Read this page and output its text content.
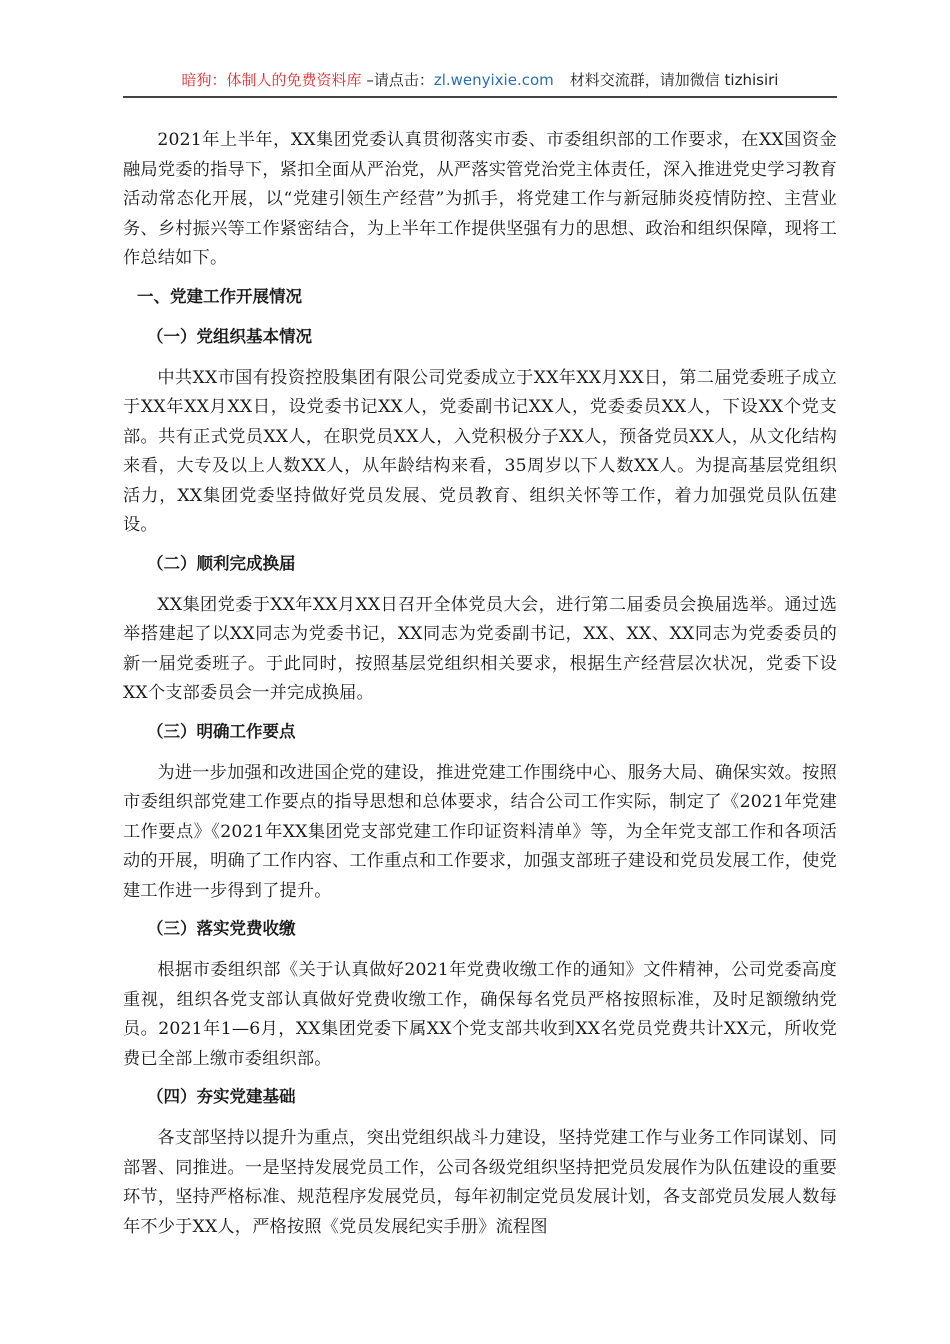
暗狗：体制人的免费资料库 –请点击：zl.wenyixie.com 材料交流群，请加微信 tizhisiri

2021年上半年，XX集团党委认真贯彻落实市委、市委组织部的工作要求，在XX国资金融局党委的指导下，紧扣全面从严治党，从严落实管党治党主体责任，深入推进党史学习教育活动常态化开展，以“党建引领生产经营”为抓手，将党建工作与新冠肺炎疫情防控、主营业务、乡村振兴等工作紧密结合，为上半年工作提供坚强有力的思想、政治和组织保障，现将工作总结如下。

一、党建工作开展情况
（一）党组织基本情况

中共XX市国有投资控股集团有限公司党委成立于XX年XX月XX日，第二届党委班子成立于XX年XX月XX日，设党委书记XX人，党委副书记XX人，党委委员XX人，下设XX个党支部。共有正式党员XX人，在职党员XX人，入党积极分子XX人，预备党员XX人，从文化结构来看，大专及以上人数XX人，从年龄结构来看，35周岁以下人数XX人。为提高基层党组织活力，XX集团党委坚持做好党员发展、党员教育、组织关怀等工作，着力加强党员队伍建设。

（二）顺利完成换届

XX集团党委于XX年XX月XX日召开全体党员大会，进行第二届委员会换届选举。通过选举搭建起了以XX同志为党委书记，XX同志为党委副书记，XX、XX、XX同志为党委委员的新一届党委班子。于此同时，按照基层党组织相关要求，根据生产经营层次状况，党委下设XX个支部委员会一并完成换届。

（三）明确工作要点

为进一步加强和改进国企党的建设，推进党建工作围绕中心、服务大局、确保实效。按照市委组织部党建工作要点的指导思想和总体要求，结合公司工作实际，制定了《2021年党建工作要点》《2021年XX集团党支部党建工作印证资料清单》等，为全年党支部工作和各项活动的开展，明确了工作内容、工作重点和工作要求，加强支部班子建设和党员发展工作，使党建工作进一步得到了提升。

（三）落实党费收缴

根据市委组织部《关于认真做好2021年党费收缴工作的通知》文件精神，公司党委高度重视，组织各党支部认真做好党费收缴工作，确保每名党员严格按照标准，及时足额缴纳党员。2021年1—6月，XX集团党委下属XX个党支部共收到XX名党员党费共计XX元，所收党费已全部上缴市委组织部。

（四）夯实党建基础

各支部坚持以提升为重点，突出党组织战斗力建设，坚持党建工作与业务工作同谋划、同部署、同推进。一是坚持发展党员工作，公司各级党组织坚持把党员发展作为队伍建设的重要环节，坚持严格标准、规范程序发展党员，每年初制定党员发展计划，各支部党员发展人数每年不少于XX人，严格按照《党员发展纪实手册》流程图
